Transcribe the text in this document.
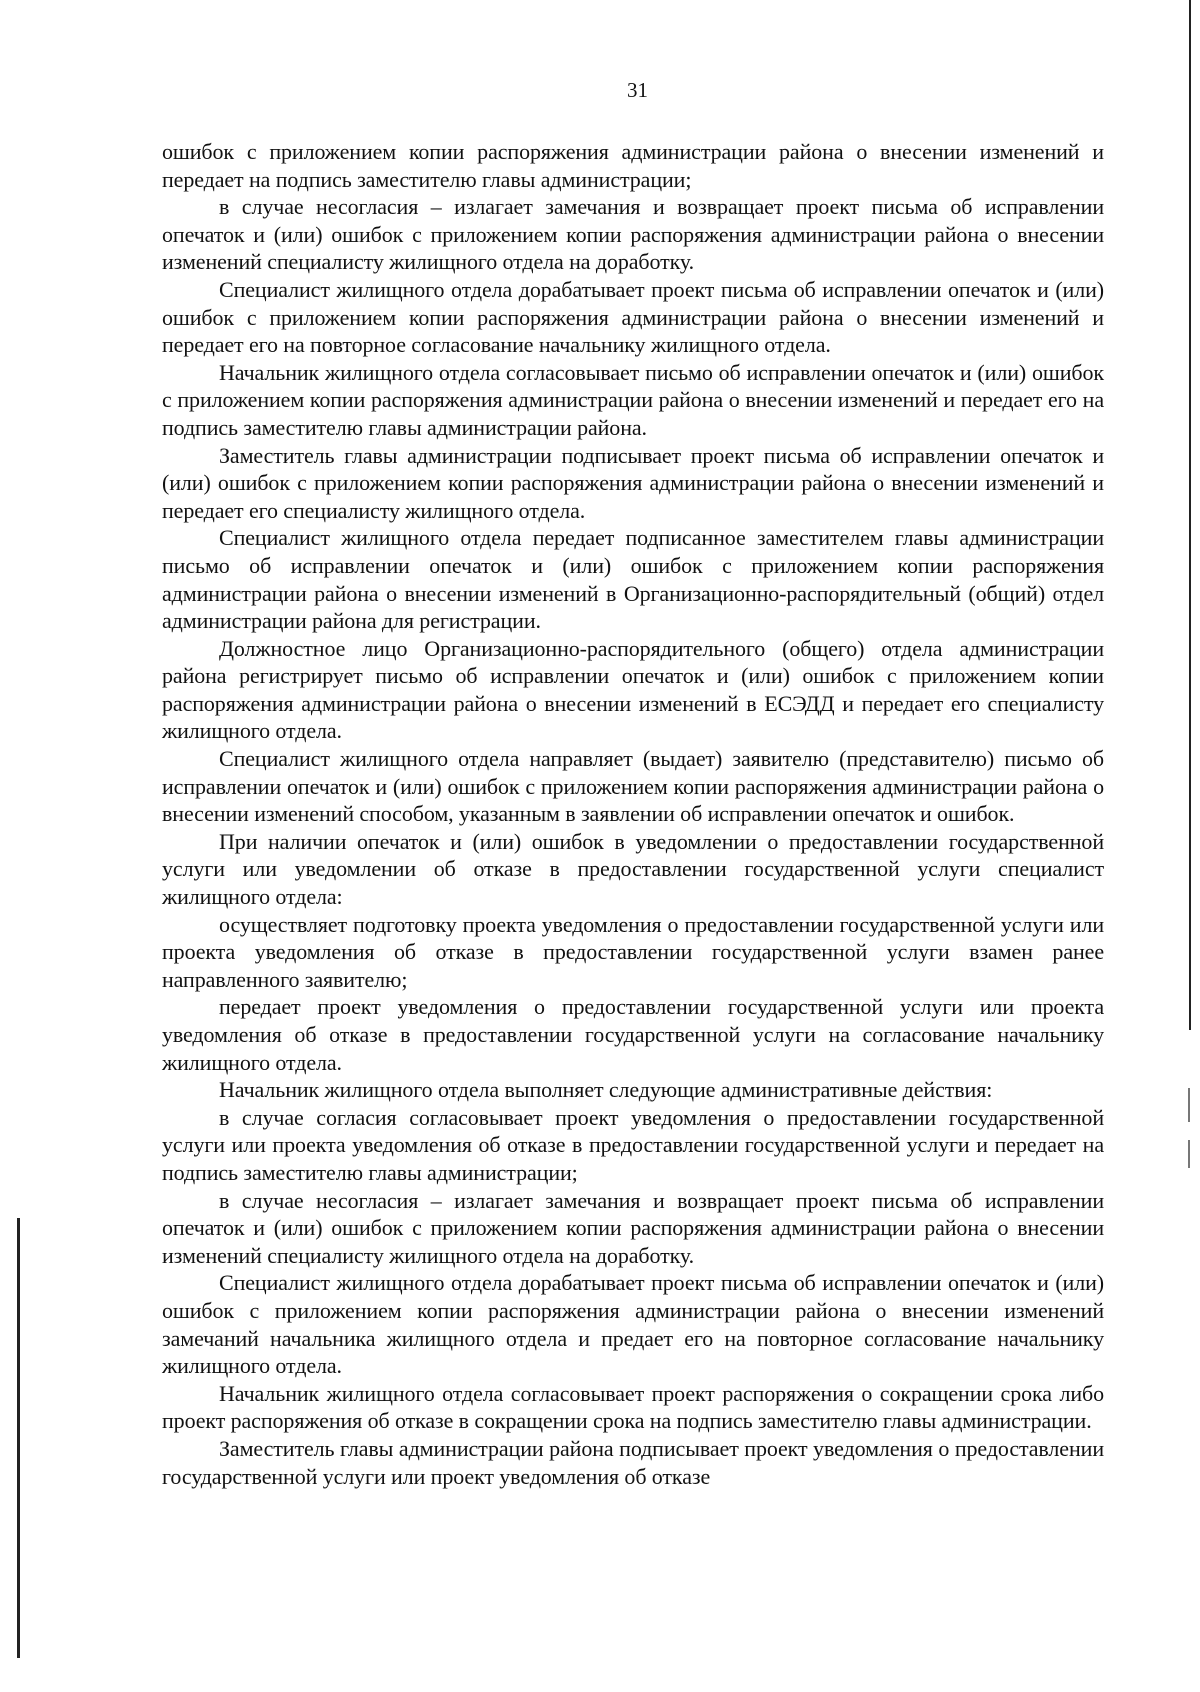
31

ошибок с приложением копии распоряжения администрации района о внесении изменений и передает на подпись заместителю главы администрации;

в случае несогласия – излагает замечания и возвращает проект письма об исправлении опечаток и (или) ошибок с приложением копии распоряжения администрации района о внесении изменений специалисту жилищного отдела на доработку.

Специалист жилищного отдела дорабатывает проект письма об исправлении опечаток и (или) ошибок с приложением копии распоряжения администрации района о внесении изменений и передает его на повторное согласование начальнику жилищного отдела.

Начальник жилищного отдела согласовывает письмо об исправлении опечаток и (или) ошибок с приложением копии распоряжения администрации района о внесении изменений и передает его на подпись заместителю главы администрации района.

Заместитель главы администрации подписывает проект письма об исправлении опечаток и (или) ошибок с приложением копии распоряжения администрации района о внесении изменений и передает его специалисту жилищного отдела.

Специалист жилищного отдела передает подписанное заместителем главы администрации письмо об исправлении опечаток и (или) ошибок с приложением копии распоряжения администрации района о внесении изменений в Организационно-распорядительный (общий) отдел администрации района для регистрации.

Должностное лицо Организационно-распорядительного (общего) отдела администрации района регистрирует письмо об исправлении опечаток и (или) ошибок с приложением копии распоряжения администрации района о внесении изменений в ЕСЭДД и передает его специалисту жилищного отдела.

Специалист жилищного отдела направляет (выдает) заявителю (представителю) письмо об исправлении опечаток и (или) ошибок с приложением копии распоряжения администрации района о внесении изменений способом, указанным в заявлении об исправлении опечаток и ошибок.

При наличии опечаток и (или) ошибок в уведомлении о предоставлении государственной услуги или уведомлении об отказе в предоставлении государственной услуги специалист жилищного отдела:

осуществляет подготовку проекта уведомления о предоставлении государственной услуги или проекта уведомления об отказе в предоставлении государственной услуги взамен ранее направленного заявителю;

передает проект уведомления о предоставлении государственной услуги или проекта уведомления об отказе в предоставлении государственной услуги на согласование начальнику жилищного отдела.

Начальник жилищного отдела выполняет следующие административные действия:

в случае согласия согласовывает проект уведомления о предоставлении государственной услуги или проекта уведомления об отказе в предоставлении государственной услуги и передает на подпись заместителю главы администрации;

в случае несогласия – излагает замечания и возвращает проект письма об исправлении опечаток и (или) ошибок с приложением копии распоряжения администрации района о внесении изменений специалисту жилищного отдела на доработку.

Специалист жилищного отдела дорабатывает проект письма об исправлении опечаток и (или) ошибок с приложением копии распоряжения администрации района о внесении изменений замечаний начальника жилищного отдела и предает его на повторное согласование начальнику жилищного отдела.

Начальник жилищного отдела согласовывает проект распоряжения о сокращении срока либо проект распоряжения об отказе в сокращении срока на подпись заместителю главы администрации.

Заместитель главы администрации района подписывает проект уведомления о предоставлении государственной услуги или проект уведомления об отказе
